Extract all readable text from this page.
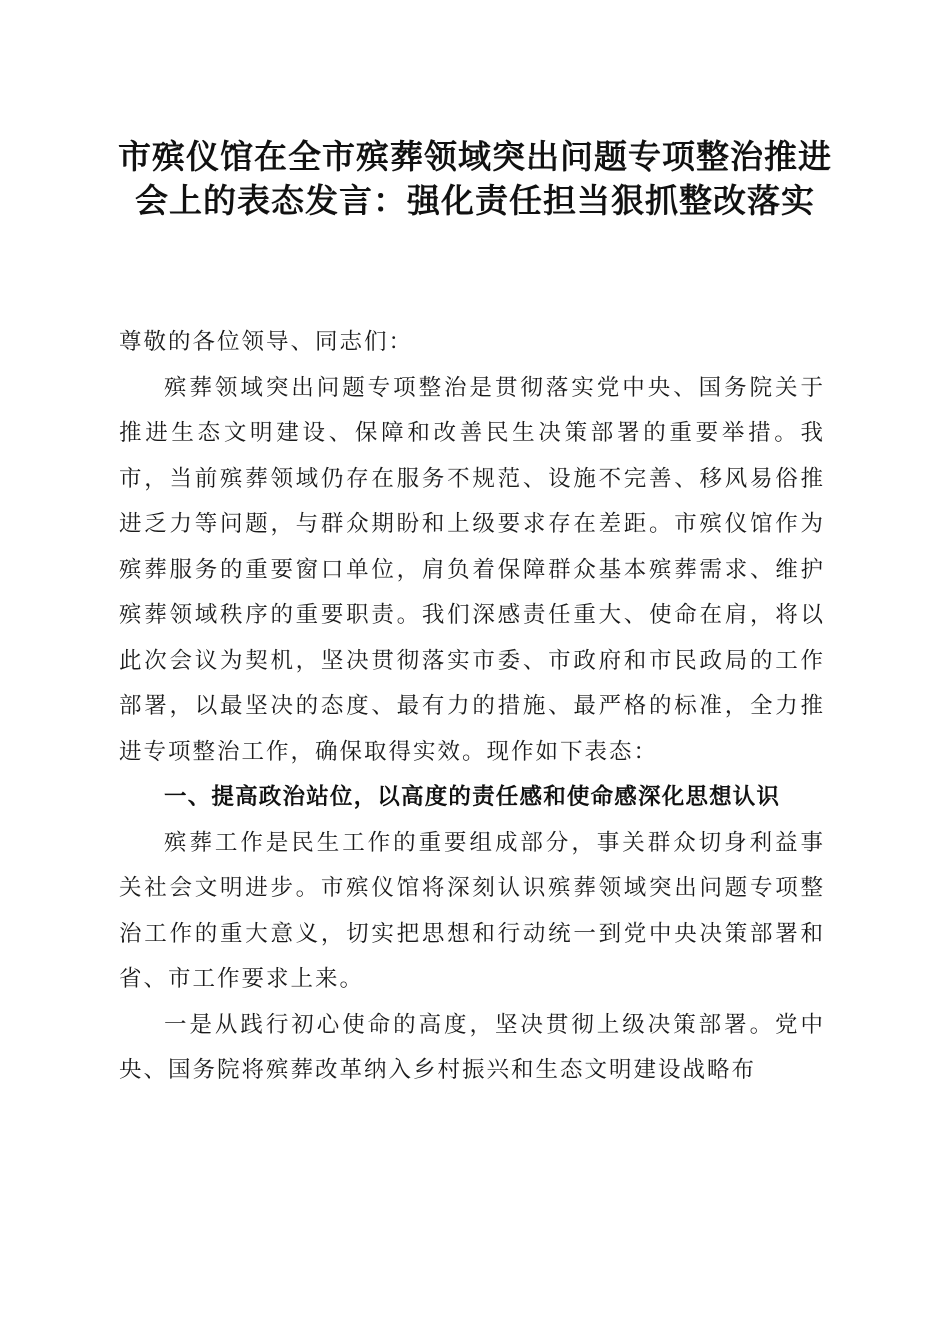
市殡仪馆在全市殡葬领域突出问题专项整治推进会上的表态发言：强化责任担当狠抓整改落实

尊敬的各位领导、同志们：

殡葬领域突出问题专项整治是贯彻落实党中央、国务院关于推进生态文明建设、保障和改善民生决策部署的重要举措。我市，当前殡葬领域仍存在服务不规范、设施不完善、移风易俗推进乏力等问题，与群众期盼和上级要求存在差距。市殡仪馆作为殡葬服务的重要窗口单位，肩负着保障群众基本殡葬需求、维护殡葬领域秩序的重要职责。我们深感责任重大、使命在肩，将以此次会议为契机，坚决贯彻落实市委、市政府和市民政局的工作部署，以最坚决的态度、最有力的措施、最严格的标准，全力推进专项整治工作，确保取得实效。现作如下表态：

一、提高政治站位，以高度的责任感和使命感深化思想认识

殡葬工作是民生工作的重要组成部分，事关群众切身利益事关社会文明进步。市殡仪馆将深刻认识殡葬领域突出问题专项整治工作的重大意义，切实把思想和行动统一到党中央决策部署和省、市工作要求上来。

一是从践行初心使命的高度，坚决贯彻上级决策部署。党中央、国务院将殡葬改革纳入乡村振兴和生态文明建设战略布
